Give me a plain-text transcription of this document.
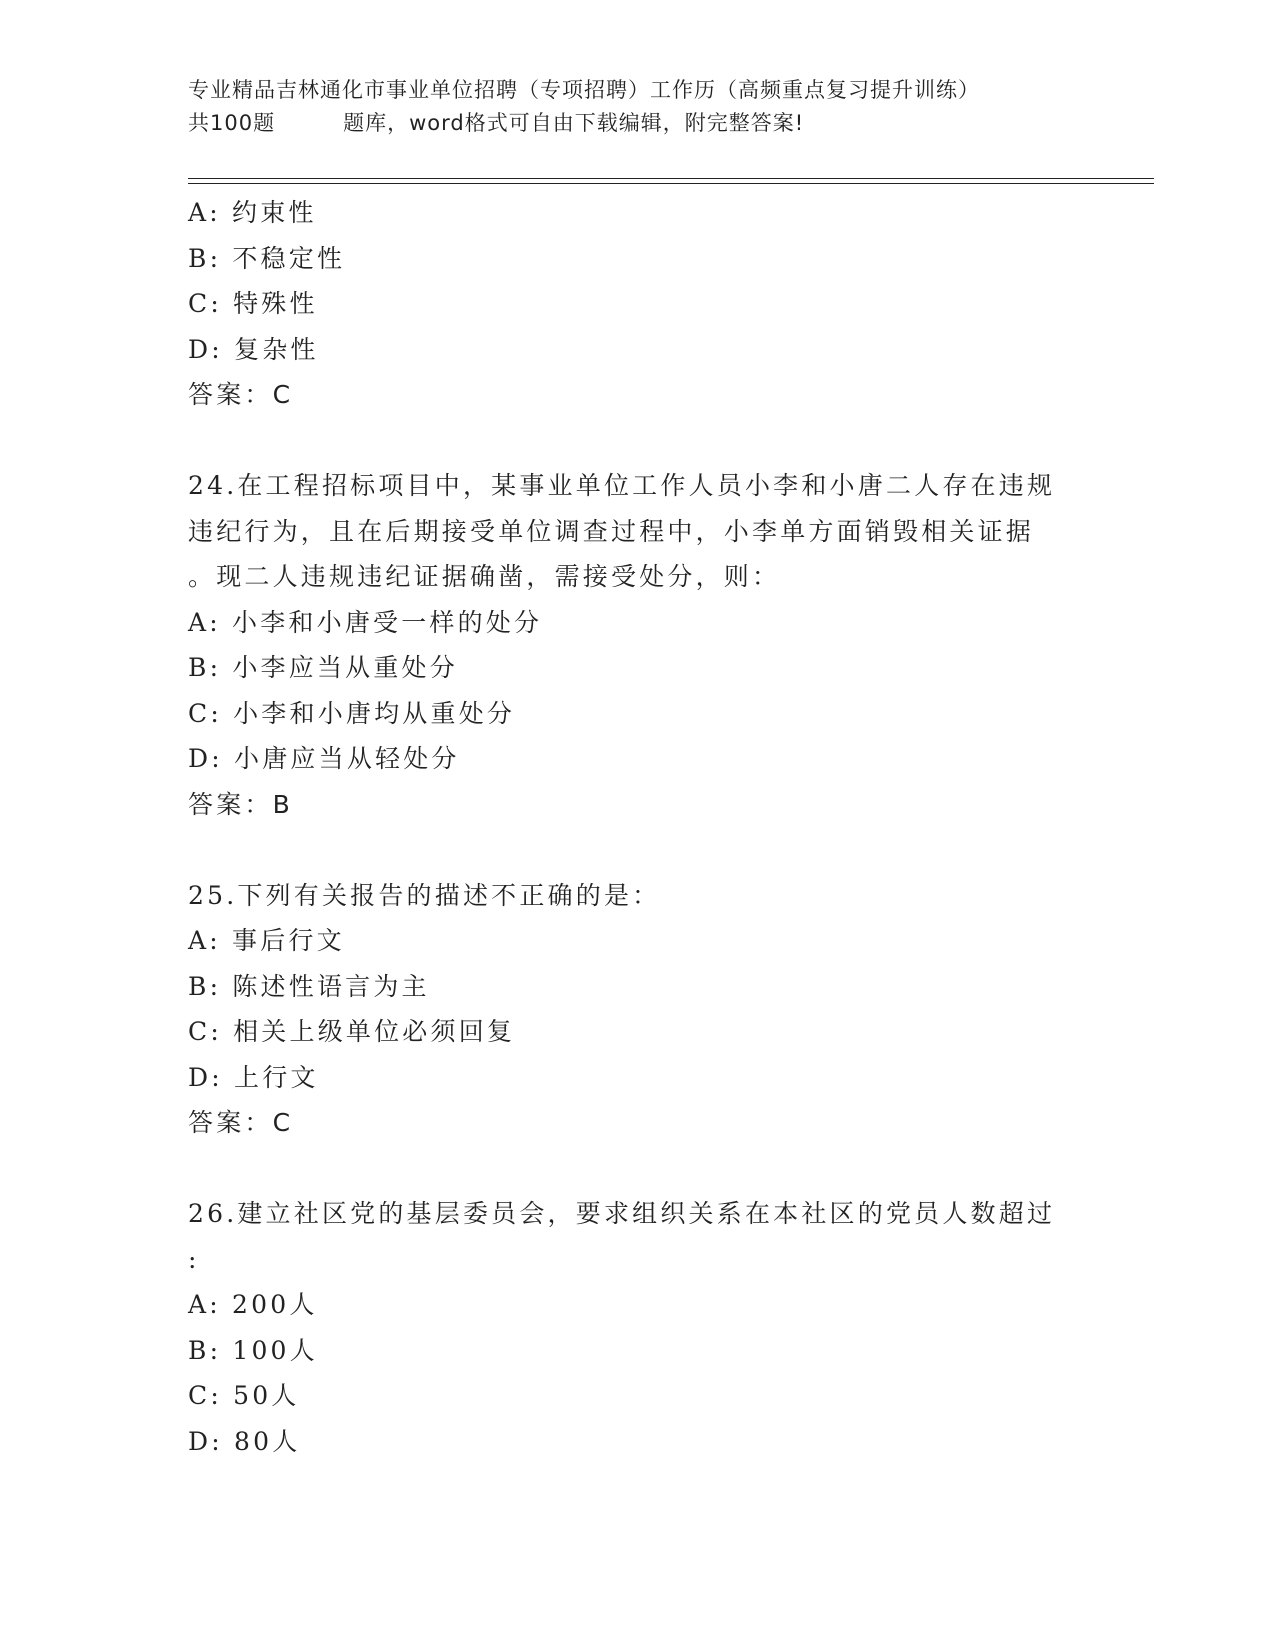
专业精品吉林通化市事业单位招聘（专项招聘）工作历（高频重点复习提升训练）
共100题	题库，word格式可自由下载编辑，附完整答案!
A: 约束性
B: 不稳定性
C: 特殊性
D: 复杂性
答案：C
24.在工程招标项目中，某事业单位工作人员小李和小唐二人存在违规
违纪行为，且在后期接受单位调查过程中，小李单方面销毁相关证据
。现二人违规违纪证据确凿，需接受处分，则：
A: 小李和小唐受一样的处分
B: 小李应当从重处分
C: 小李和小唐均从重处分
D: 小唐应当从轻处分
答案：B
25.下列有关报告的描述不正确的是：
A: 事后行文
B: 陈述性语言为主
C: 相关上级单位必须回复
D: 上行文
答案：C
26.建立社区党的基层委员会，要求组织关系在本社区的党员人数超过
:
A: 200人
B: 100人
C: 50人
D: 80人
